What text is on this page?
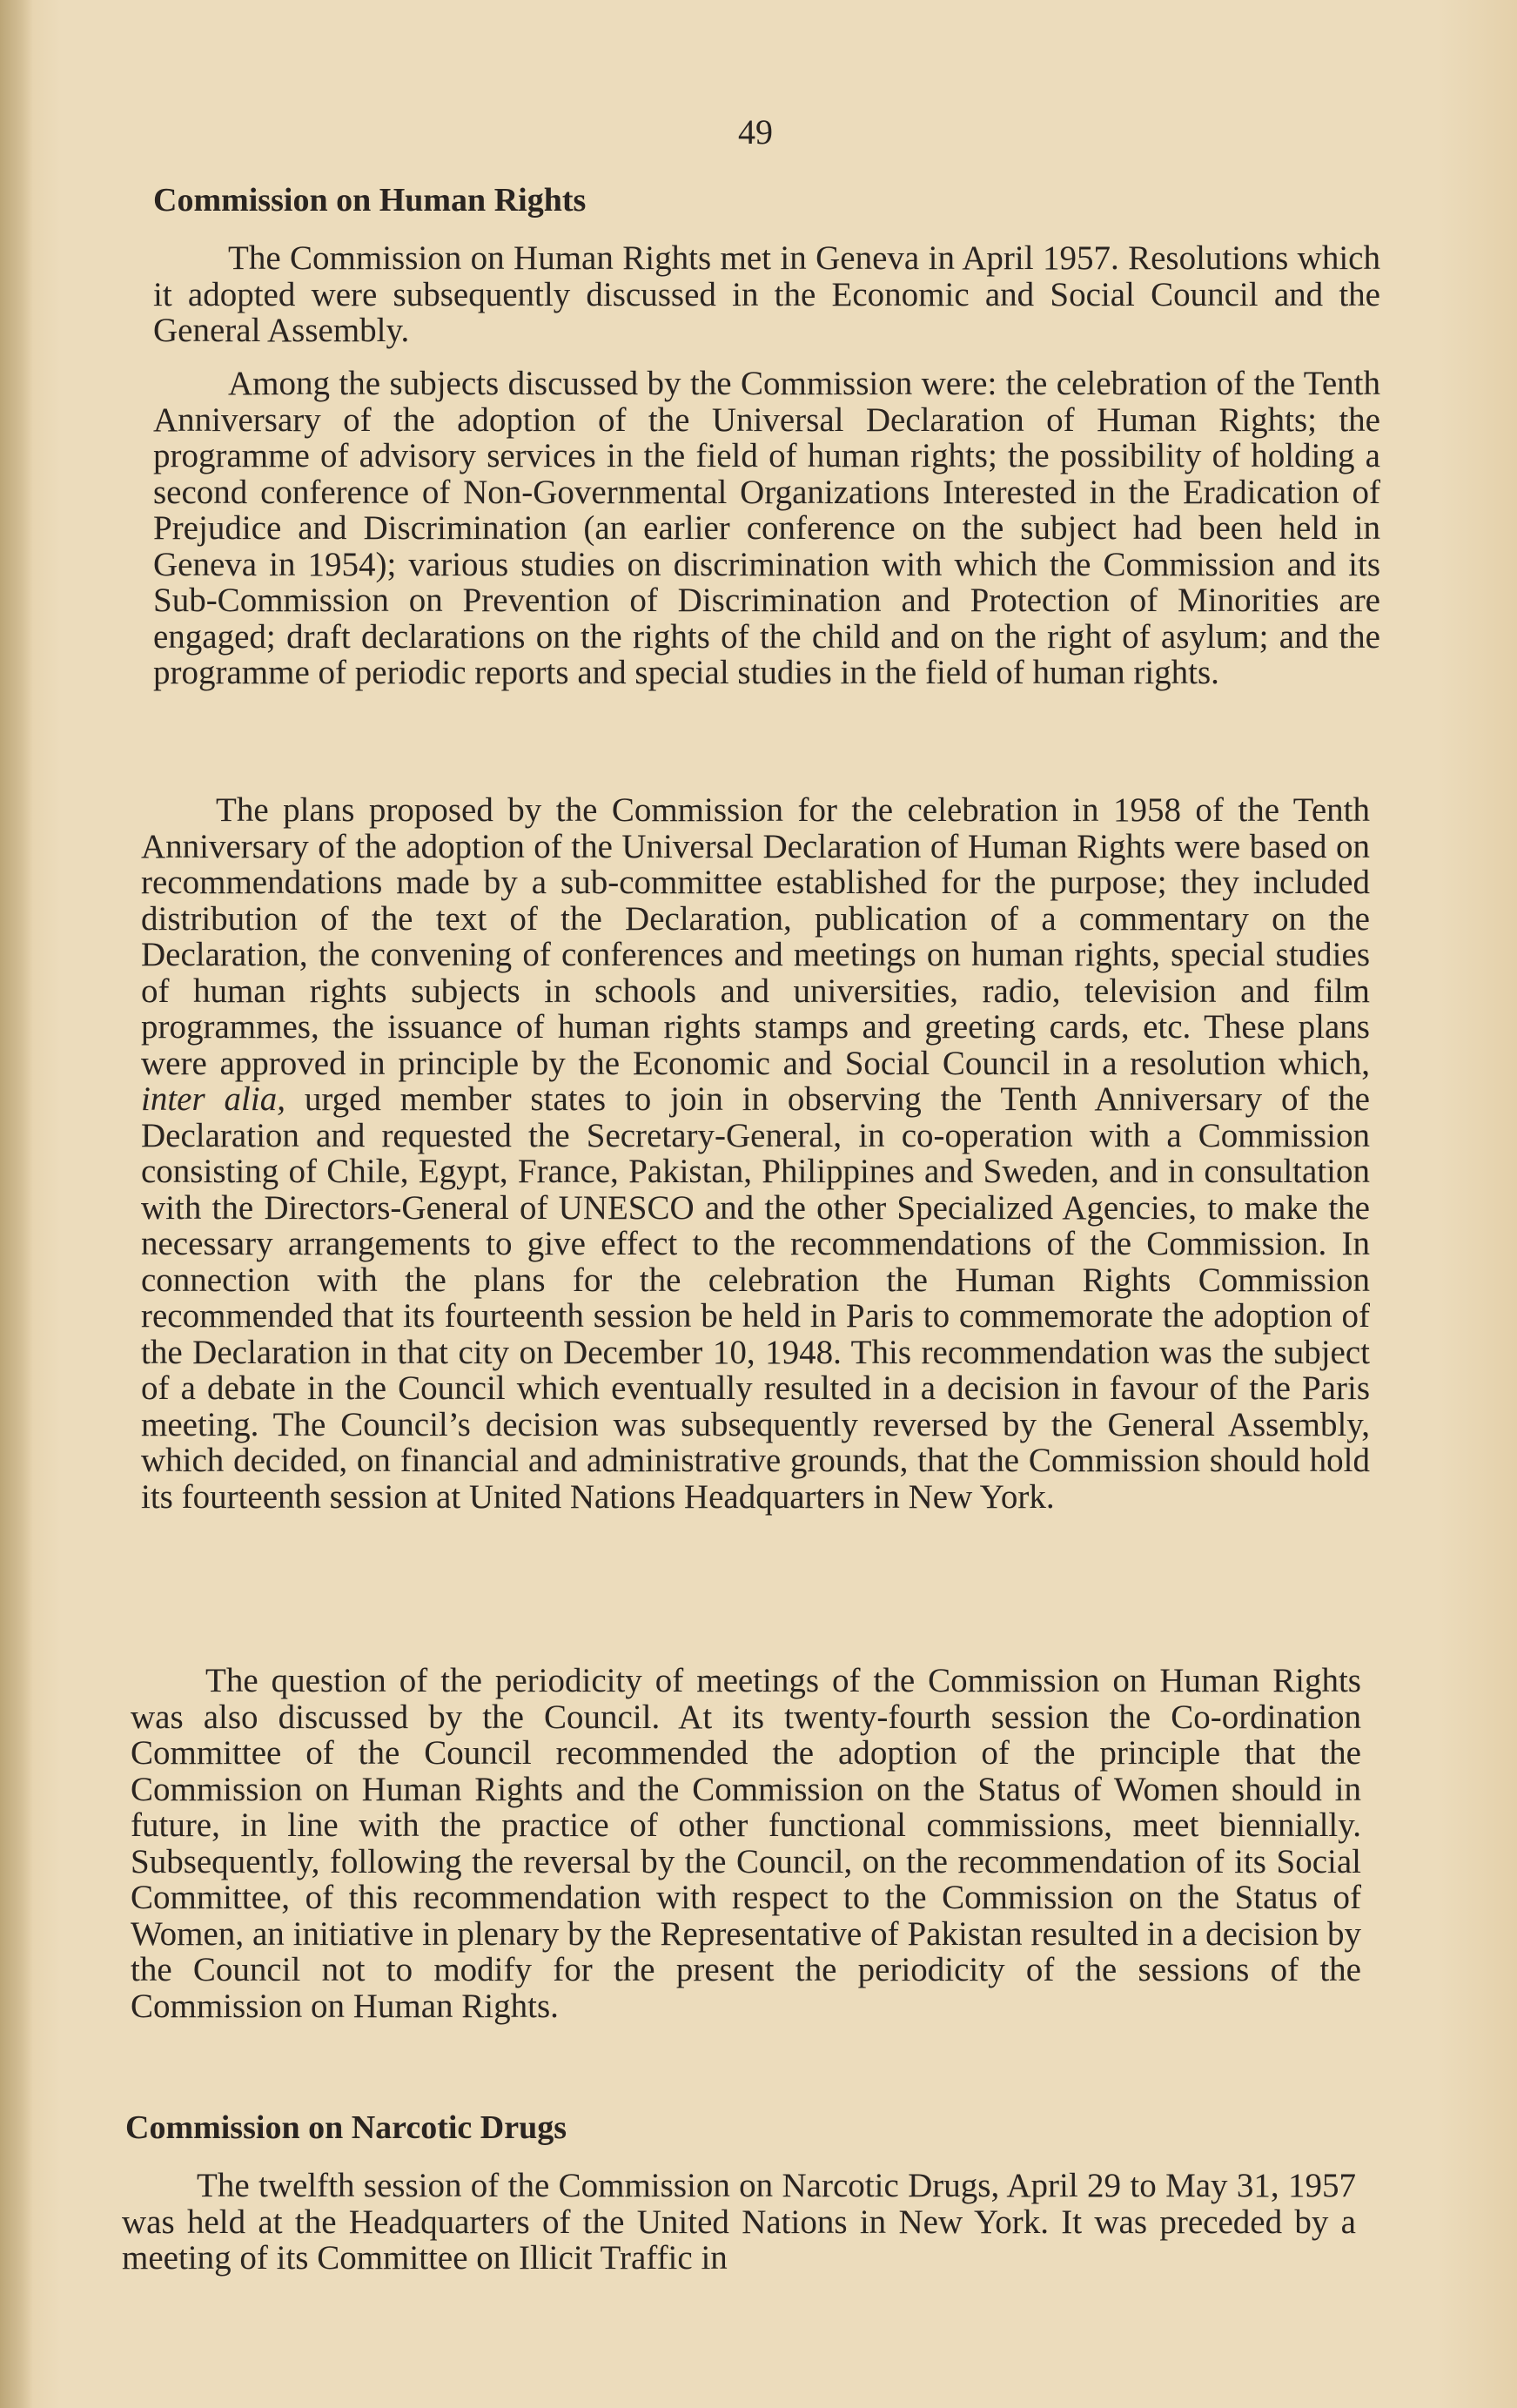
49
Commission on Human Rights

The Commission on Human Rights met in Geneva in April 1957. Resolutions which it adopted were subsequently discussed in the Economic and Social Council and the General Assembly.

Among the subjects discussed by the Commission were: the celebration of the Tenth Anniversary of the adoption of the Universal Declaration of Human Rights; the programme of advisory services in the field of human rights; the possibility of holding a second conference of Non-Governmental Organizations Interested in the Eradication of Prejudice and Discrimination (an earlier conference on the subject had been held in Geneva in 1954); various studies on discrimination with which the Commission and its Sub-Commission on Prevention of Discrimination and Protection of Minorities are engaged; draft declarations on the rights of the child and on the right of asylum; and the programme of periodic reports and special studies in the field of human rights.

The plans proposed by the Commission for the celebration in 1958 of the Tenth Anniversary of the adoption of the Universal Declaration of Human Rights were based on recommendations made by a sub-committee established for the purpose; they included distribution of the text of the Declaration, publication of a commentary on the Declaration, the convening of conferences and meetings on human rights, special studies of human rights subjects in schools and universities, radio, television and film programmes, the issuance of human rights stamps and greeting cards, etc. These plans were approved in principle by the Economic and Social Council in a resolution which, inter alia, urged member states to join in observing the Tenth Anniversary of the Declaration and requested the Secretary-General, in co-operation with a Commission consisting of Chile, Egypt, France, Pakistan, Philippines and Sweden, and in consultation with the Directors-General of UNESCO and the other Specialized Agencies, to make the necessary arrangements to give effect to the recommendations of the Commission. In connection with the plans for the celebration the Human Rights Commission recommended that its fourteenth session be held in Paris to commemorate the adoption of the Declaration in that city on December 10, 1948. This recommendation was the subject of a debate in the Council which eventually resulted in a decision in favour of the Paris meeting. The Council’s decision was subsequently reversed by the General Assembly, which decided, on financial and administrative grounds, that the Commission should hold its fourteenth session at United Nations Headquarters in New York.

The question of the periodicity of meetings of the Commission on Human Rights was also discussed by the Council. At its twenty-fourth session the Co-ordination Committee of the Council recommended the adoption of the principle that the Commission on Human Rights and the Commission on the Status of Women should in future, in line with the practice of other functional commissions, meet biennially. Subsequently, following the reversal by the Council, on the recommendation of its Social Committee, of this recommendation with respect to the Commission on the Status of Women, an initiative in plenary by the Representative of Pakistan resulted in a decision by the Council not to modify for the present the periodicity of the sessions of the Commission on Human Rights.

Commission on Narcotic Drugs

The twelfth session of the Commission on Narcotic Drugs, April 29 to May 31, 1957 was held at the Headquarters of the United Nations in New York. It was preceded by a meeting of its Committee on Illicit Traffic in
